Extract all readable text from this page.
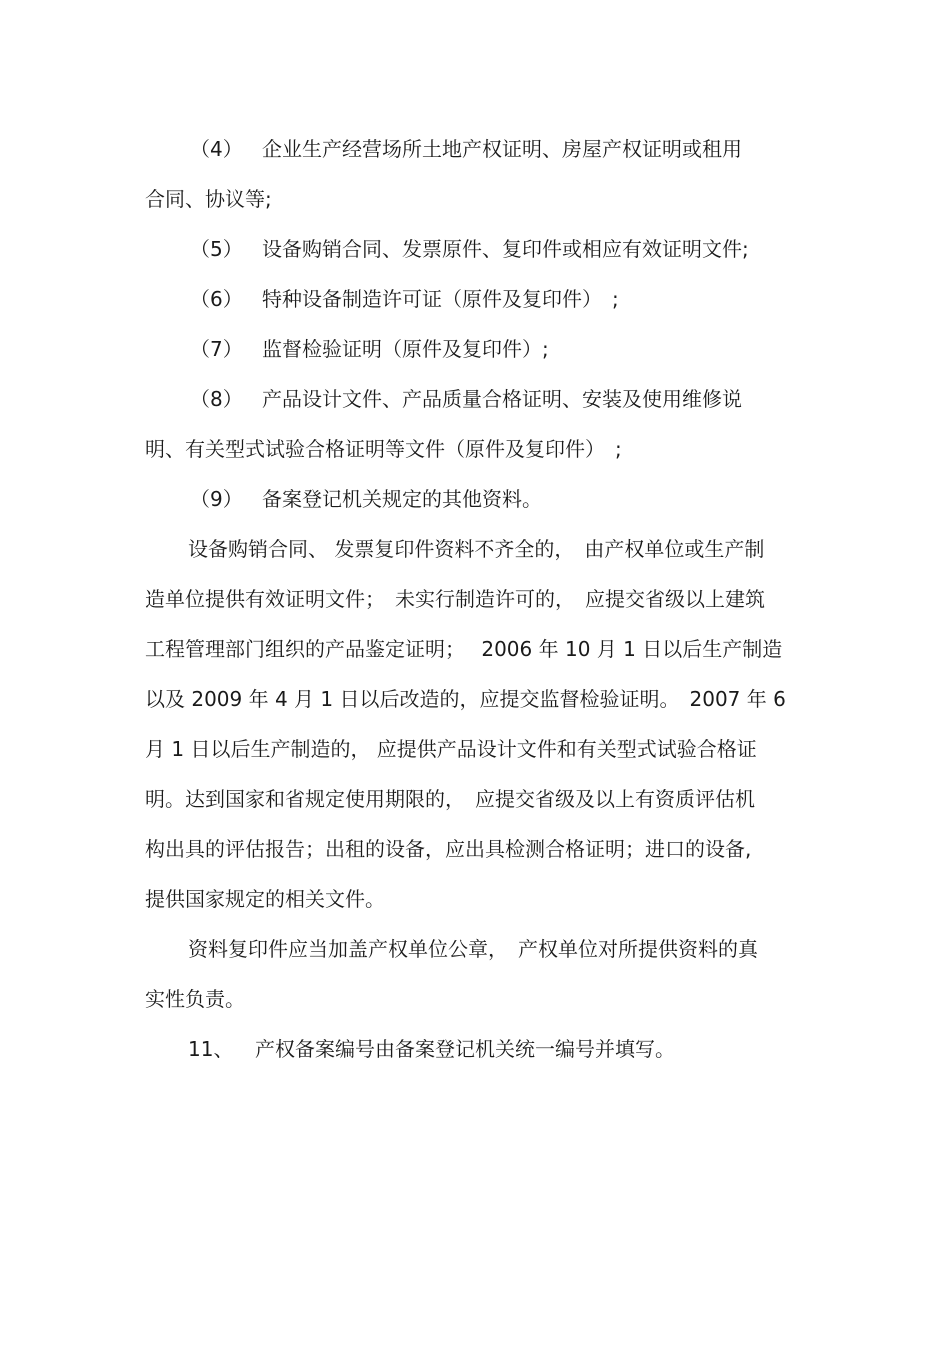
（4） 企业生产经营场所土地产权证明、房屋产权证明或租用
合同、协议等;
（5） 设备购销合同、发票原件、复印件或相应有效证明文件;
（6） 特种设备制造许可证（原件及复印件）　;
（7） 监督检验证明（原件及复印件）;
（8） 产品设计文件、产品质量合格证明、安装及使用维修说
明、有关型式试验合格证明等文件（原件及复印件）　;
（9） 备案登记机关规定的其他资料。
设备购销合同、 发票复印件资料不齐全的，　由产权单位或生产制
造单位提供有效证明文件；　未实行制造许可的，　应提交省级以上建筑
工程管理部门组织的产品鉴定证明；　 2006 年 10 月 1 日以后生产制造
以及 2009 年 4 月 1 日以后改造的，应提交监督检验证明。　2007 年 6
月 1 日以后生产制造的， 应提供产品设计文件和有关型式试验合格证
明。达到国家和省规定使用期限的，　应提交省级及以上有资质评估机
构出具的评估报告；出租的设备，应出具检测合格证明；进口的设备,
提供国家规定的相关文件。
资料复印件应当加盖产权单位公章，　产权单位对所提供资料的真
实性负责。
11、 产权备案编号由备案登记机关统一编号并填写。
